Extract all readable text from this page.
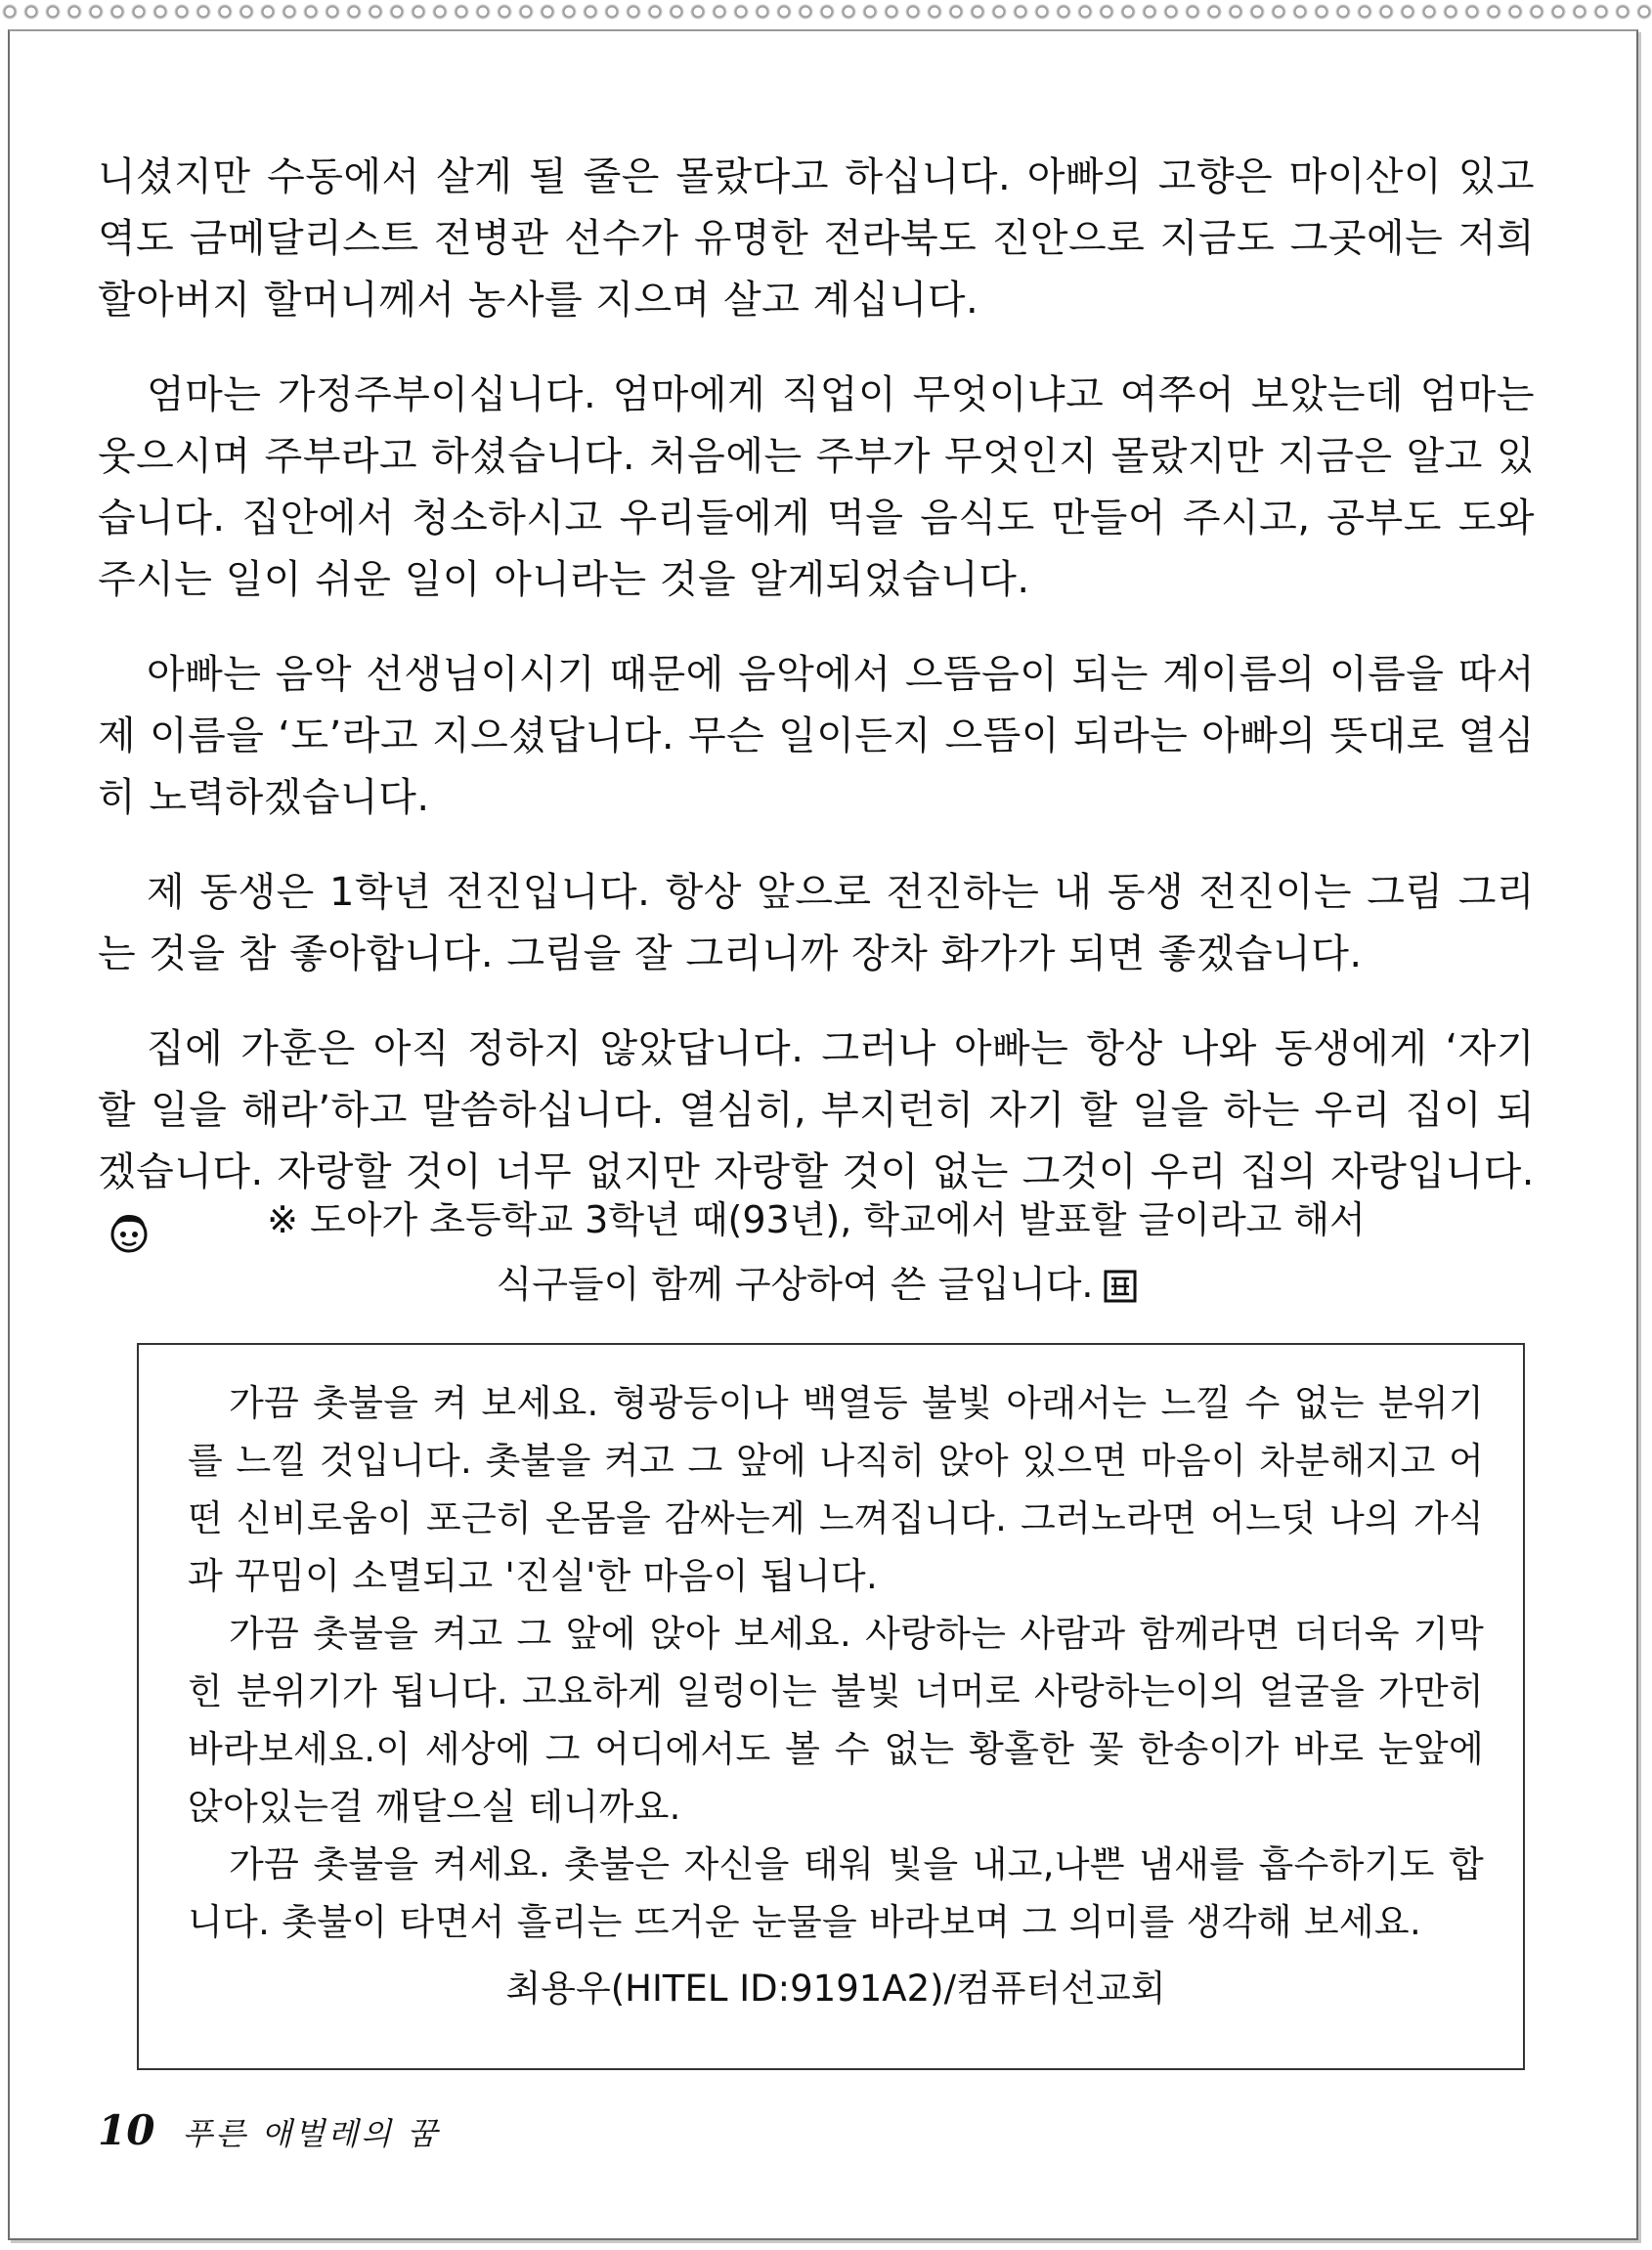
니셨지만 수동에서 살게 될 줄은 몰랐다고 하십니다. 아빠의 고향은 마이산이 있고 역도 금메달리스트 전병관 선수가 유명한 전라북도 진안으로 지금도 그곳에는 저희 할아버지 할머니께서 농사를 지으며 살고 계십니다.

엄마는 가정주부이십니다. 엄마에게 직업이 무엇이냐고 여쭈어 보았는데 엄마는 웃으시며 주부라고 하셨습니다. 처음에는 주부가 무엇인지 몰랐지만 지금은 알고 있습니다. 집안에서 청소하시고 우리들에게 먹을 음식도 만들어 주시고, 공부도 도와주시는 일이 쉬운 일이 아니라는 것을 알게되었습니다.

아빠는 음악 선생님이시기 때문에 음악에서 으뜸음이 되는 계이름의 이름을 따서 제 이름을 ‘도’라고 지으셨답니다. 무슨 일이든지 으뜸이 되라는 아빠의 뜻대로 열심히 노력하겠습니다.

제 동생은 1학년 전진입니다. 항상 앞으로 전진하는 내 동생 전진이는 그림 그리는 것을 참 좋아합니다. 그림을 잘 그리니까 장차 화가가 되면 좋겠습니다.

집에 가훈은 아직 정하지 않았답니다. 그러나 아빠는 항상 나와 동생에게 ‘자기 할 일을 해라’하고 말씀하십니다. 열심히, 부지런히 자기 할 일을 하는 우리 집이 되겠습니다. 자랑할 것이 너무 없지만 자랑할 것이 없는 그것이 우리 집의 자랑입니다.

※ 도아가 초등학교 3학년 때(93년), 학교에서 발표할 글이라고 해서
식구들이 함께 구상하여 쓴 글입니다.

가끔 촛불을 켜 보세요. 형광등이나 백열등 불빛 아래서는 느낄 수 없는 분위기를 느낄 것입니다. 촛불을 켜고 그 앞에 나직히 앉아 있으면 마음이 차분해지고 어떤 신비로움이 포근히 온몸을 감싸는게 느껴집니다. 그러노라면 어느덧 나의 가식과 꾸밈이 소멸되고 '진실'한 마음이 됩니다.

가끔 촛불을 켜고 그 앞에 앉아 보세요. 사랑하는 사람과 함께라면 더더욱 기막힌 분위기가 됩니다. 고요하게 일렁이는 불빛 너머로 사랑하는이의 얼굴을 가만히 바라보세요.이 세상에 그 어디에서도 볼 수 없는 황홀한 꽃 한송이가 바로 눈앞에 앉아있는걸 깨달으실 테니까요.

가끔 촛불을 켜세요. 촛불은 자신을 태워 빛을 내고,나쁜 냄새를 흡수하기도 합니다. 촛불이 타면서 흘리는 뜨거운 눈물을 바라보며 그 의미를 생각해 보세요.

최용우(HITEL ID:9191A2)/컴퓨터선교회

10 푸른 애벌레의 꿈
